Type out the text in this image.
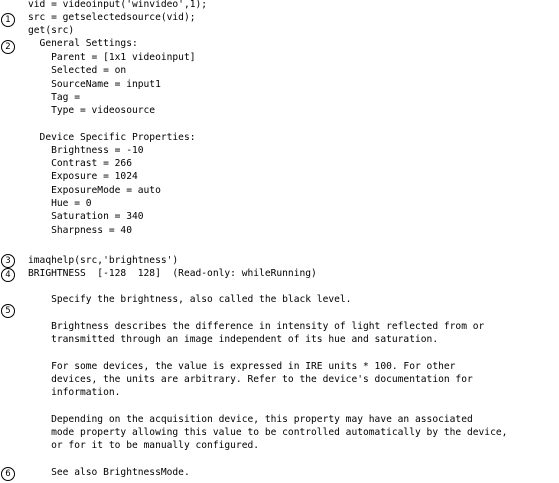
vid = videoinput('winvideo',1);
src = getselectedsource(vid);
get(src)
General Settings:
Parent = [1x1 videoinput]
Selected = on
SourceName = input1
Tag =
Type = videosource
Device Specific Properties:
Brightness = -10
Contrast = 266
Exposure = 1024
ExposureMode = auto
Hue = 0
Saturation = 340
Sharpness = 40
imaqhelp(src,'brightness')
BRIGHTNESS  [-128  128]  (Read-only: whileRunning)
Specify the brightness, also called the black level.
Brightness describes the difference in intensity of light reflected from or
transmitted through an image independent of its hue and saturation.
For some devices, the value is expressed in IRE units * 100. For other
devices, the units are arbitrary. Refer to the device's documentation for
information.
Depending on the acquisition device, this property may have an associated
mode property allowing this value to be controlled automatically by the device,
or for it to be manually configured.
See also BrightnessMode.
1
2
3
4
5
6
